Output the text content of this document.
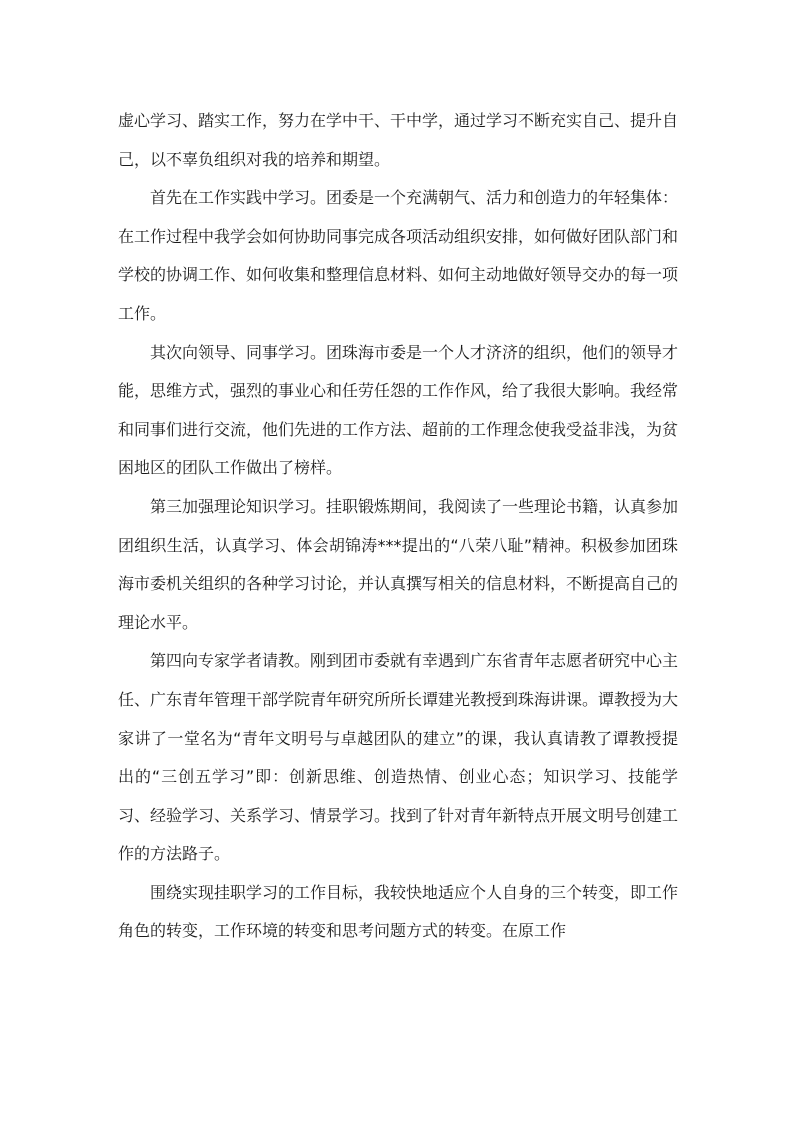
虚心学习、踏实工作，努力在学中干、干中学，通过学习不断充实自己、提升自己，以不辜负组织对我的培养和期望。

首先在工作实践中学习。团委是一个充满朝气、活力和创造力的年轻集体：在工作过程中我学会如何协助同事完成各项活动组织安排，如何做好团队部门和学校的协调工作、如何收集和整理信息材料、如何主动地做好领导交办的每一项工作。

其次向领导、同事学习。团珠海市委是一个人才济济的组织，他们的领导才能，思维方式，强烈的事业心和任劳任怨的工作作风，给了我很大影响。我经常和同事们进行交流，他们先进的工作方法、超前的工作理念使我受益非浅，为贫困地区的团队工作做出了榜样。

第三加强理论知识学习。挂职锻炼期间，我阅读了一些理论书籍，认真参加团组织生活，认真学习、体会胡锦涛***提出的“八荣八耻”精神。积极参加团珠海市委机关组织的各种学习讨论，并认真撰写相关的信息材料，不断提高自己的理论水平。

第四向专家学者请教。刚到团市委就有幸遇到广东省青年志愿者研究中心主任、广东青年管理干部学院青年研究所所长谭建光教授到珠海讲课。谭教授为大家讲了一堂名为“青年文明号与卓越团队的建立”的课，我认真请教了谭教授提出的“三创五学习”即：创新思维、创造热情、创业心态；知识学习、技能学习、经验学习、关系学习、情景学习。找到了针对青年新特点开展文明号创建工作的方法路子。

围绕实现挂职学习的工作目标，我较快地适应个人自身的三个转变，即工作角色的转变，工作环境的转变和思考问题方式的转变。在原工作
